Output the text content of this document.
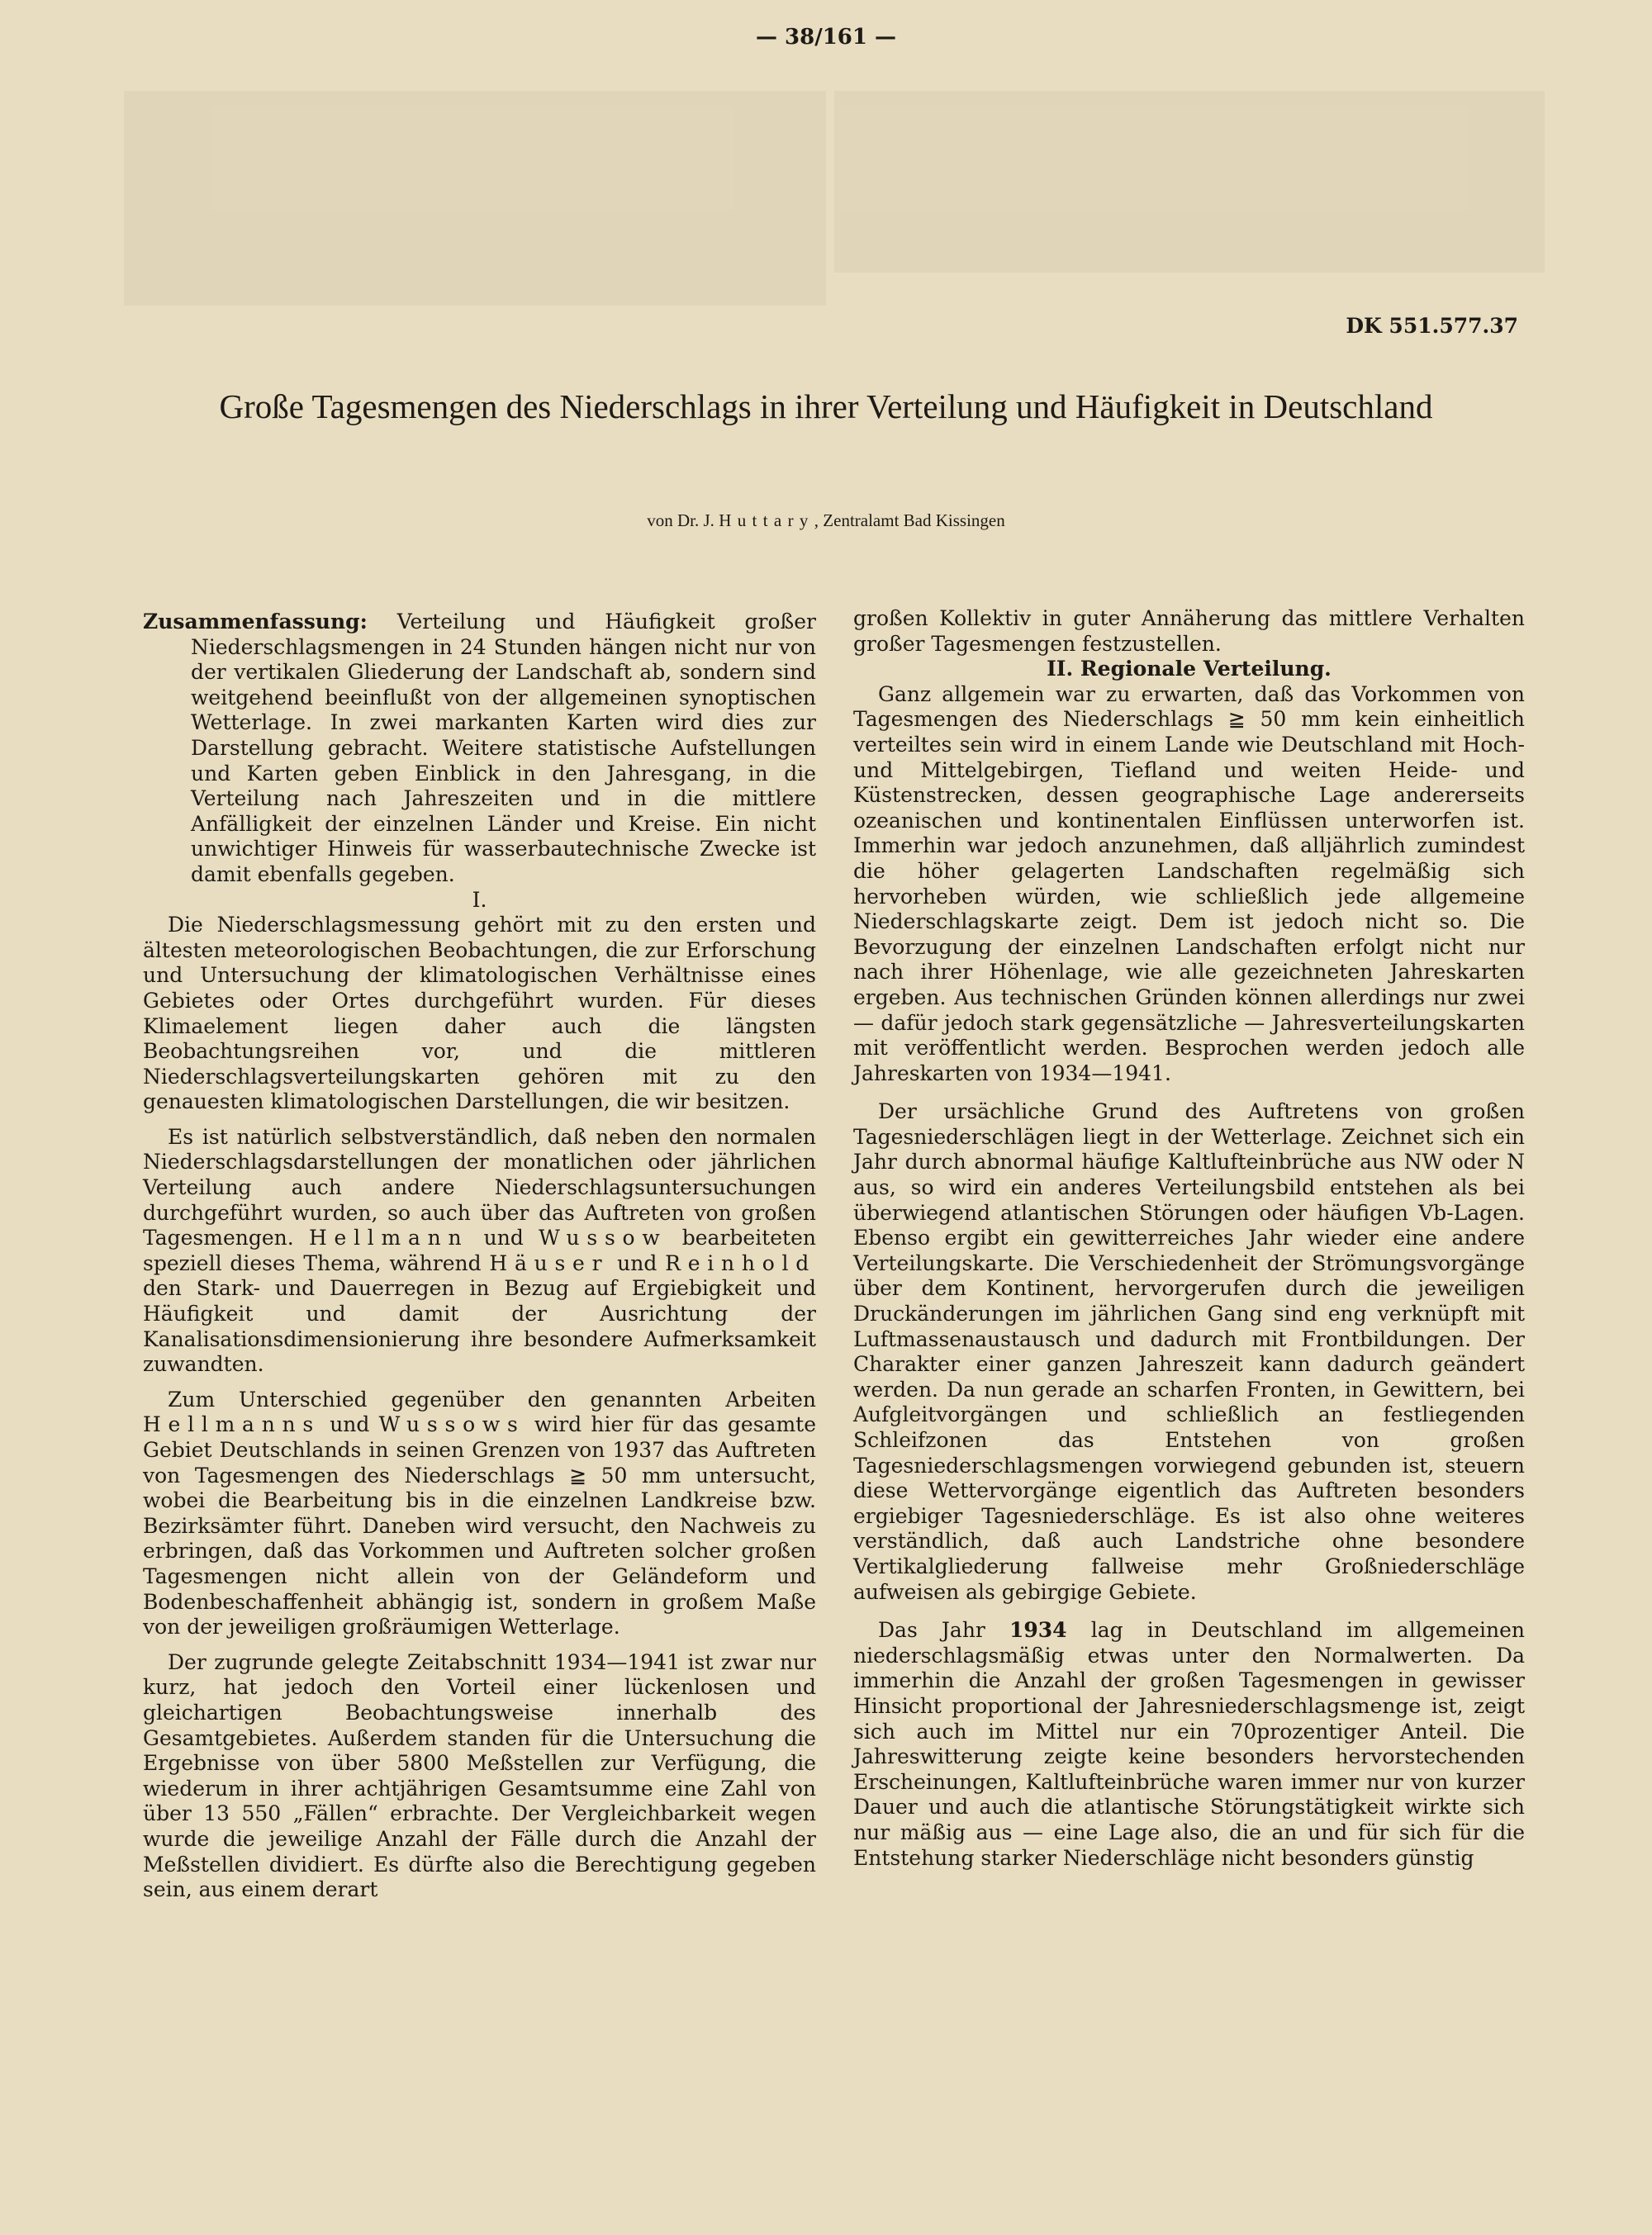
— 38/161 —
DK 551.577.37
Große Tagesmengen des Niederschlags in ihrer Verteilung und Häufigkeit in Deutschland
von Dr. J. Huttary, Zentralamt Bad Kissingen

Zusammenfassung: Verteilung und Häufigkeit großer Niederschlagsmengen in 24 Stunden hängen nicht nur von der vertikalen Gliederung der Landschaft ab, sondern sind weitgehend beeinflußt von der allgemeinen synoptischen Wetterlage. In zwei markanten Karten wird dies zur Darstellung gebracht. Weitere statistische Aufstellungen und Karten geben Einblick in den Jahresgang, in die Verteilung nach Jahreszeiten und in die mittlere Anfälligkeit der einzelnen Länder und Kreise. Ein nicht unwichtiger Hinweis für wasserbautechnische Zwecke ist damit ebenfalls gegeben.

I.

Die Niederschlagsmessung gehört mit zu den ersten und ältesten meteorologischen Beobachtungen, die zur Erforschung und Untersuchung der klimatologischen Verhältnisse eines Gebietes oder Ortes durchgeführt wurden. Für dieses Klimaelement liegen daher auch die längsten Beobachtungsreihen vor, und die mittleren Niederschlagsverteilungskarten gehören mit zu den genauesten klimatologischen Darstellungen, die wir besitzen.

Es ist natürlich selbstverständlich, daß neben den normalen Niederschlagsdarstellungen der monatlichen oder jährlichen Verteilung auch andere Niederschlagsuntersuchungen durchgeführt wurden, so auch über das Auftreten von großen Tagesmengen. Hellmann und Wussow bearbeiteten speziell dieses Thema, während Häuser und Reinhold den Stark- und Dauerregen in Bezug auf Ergiebigkeit und Häufigkeit und damit der Ausrichtung der Kanalisationsdimensionierung ihre besondere Aufmerksamkeit zuwandten.

Zum Unterschied gegenüber den genannten Arbeiten Hellmanns und Wussows wird hier für das gesamte Gebiet Deutschlands in seinen Grenzen von 1937 das Auftreten von Tagesmengen des Niederschlags ≧ 50 mm untersucht, wobei die Bearbeitung bis in die einzelnen Landkreise bzw. Bezirksämter führt. Daneben wird versucht, den Nachweis zu erbringen, daß das Vorkommen und Auftreten solcher großen Tagesmengen nicht allein von der Geländeform und Bodenbeschaffenheit abhängig ist, sondern in großem Maße von der jeweiligen großräumigen Wetterlage.

Der zugrunde gelegte Zeitabschnitt 1934—1941 ist zwar nur kurz, hat jedoch den Vorteil einer lückenlosen und gleichartigen Beobachtungsweise innerhalb des Gesamtgebietes. Außerdem standen für die Untersuchung die Ergebnisse von über 5800 Meßstellen zur Verfügung, die wiederum in ihrer achtjährigen Gesamtsumme eine Zahl von über 13 550 „Fällen“ erbrachte. Der Vergleichbarkeit wegen wurde die jeweilige Anzahl der Fälle durch die Anzahl der Meßstellen dividiert. Es dürfte also die Berechtigung gegeben sein, aus einem derart

großen Kollektiv in guter Annäherung das mittlere Verhalten großer Tagesmengen festzustellen.

II. Regionale Verteilung.

Ganz allgemein war zu erwarten, daß das Vorkommen von Tagesmengen des Niederschlags ≧ 50 mm kein einheitlich verteiltes sein wird in einem Lande wie Deutschland mit Hoch- und Mittelgebirgen, Tiefland und weiten Heide- und Küstenstrecken, dessen geographische Lage andererseits ozeanischen und kontinentalen Einflüssen unterworfen ist. Immerhin war jedoch anzunehmen, daß alljährlich zumindest die höher gelagerten Landschaften regelmäßig sich hervorheben würden, wie schließlich jede allgemeine Niederschlagskarte zeigt. Dem ist jedoch nicht so. Die Bevorzugung der einzelnen Landschaften erfolgt nicht nur nach ihrer Höhenlage, wie alle gezeichneten Jahreskarten ergeben. Aus technischen Gründen können allerdings nur zwei — dafür jedoch stark gegensätzliche — Jahresverteilungskarten mit veröffentlicht werden. Besprochen werden jedoch alle Jahreskarten von 1934—1941.

Der ursächliche Grund des Auftretens von großen Tagesniederschlägen liegt in der Wetterlage. Zeichnet sich ein Jahr durch abnormal häufige Kaltlufteinbrüche aus NW oder N aus, so wird ein anderes Verteilungsbild entstehen als bei überwiegend atlantischen Störungen oder häufigen Vb-Lagen. Ebenso ergibt ein gewitterreiches Jahr wieder eine andere Verteilungskarte. Die Verschiedenheit der Strömungsvorgänge über dem Kontinent, hervorgerufen durch die jeweiligen Druckänderungen im jährlichen Gang sind eng verknüpft mit Luftmassenaustausch und dadurch mit Frontbildungen. Der Charakter einer ganzen Jahreszeit kann dadurch geändert werden. Da nun gerade an scharfen Fronten, in Gewittern, bei Aufgleitvorgängen und schließlich an festliegenden Schleifzonen das Entstehen von großen Tagesniederschlagsmengen vorwiegend gebunden ist, steuern diese Wettervorgänge eigentlich das Auftreten besonders ergiebiger Tagesniederschläge. Es ist also ohne weiteres verständlich, daß auch Landstriche ohne besondere Vertikalgliederung fallweise mehr Großniederschläge aufweisen als gebirgige Gebiete.

Das Jahr 1934 lag in Deutschland im allgemeinen niederschlagsmäßig etwas unter den Normalwerten. Da immerhin die Anzahl der großen Tagesmengen in gewisser Hinsicht proportional der Jahresniederschlagsmenge ist, zeigt sich auch im Mittel nur ein 70prozentiger Anteil. Die Jahreswitterung zeigte keine besonders hervorstechenden Erscheinungen, Kaltlufteinbrüche waren immer nur von kurzer Dauer und auch die atlantische Störungstätigkeit wirkte sich nur mäßig aus — eine Lage also, die an und für sich für die Entstehung starker Niederschläge nicht besonders günstig
